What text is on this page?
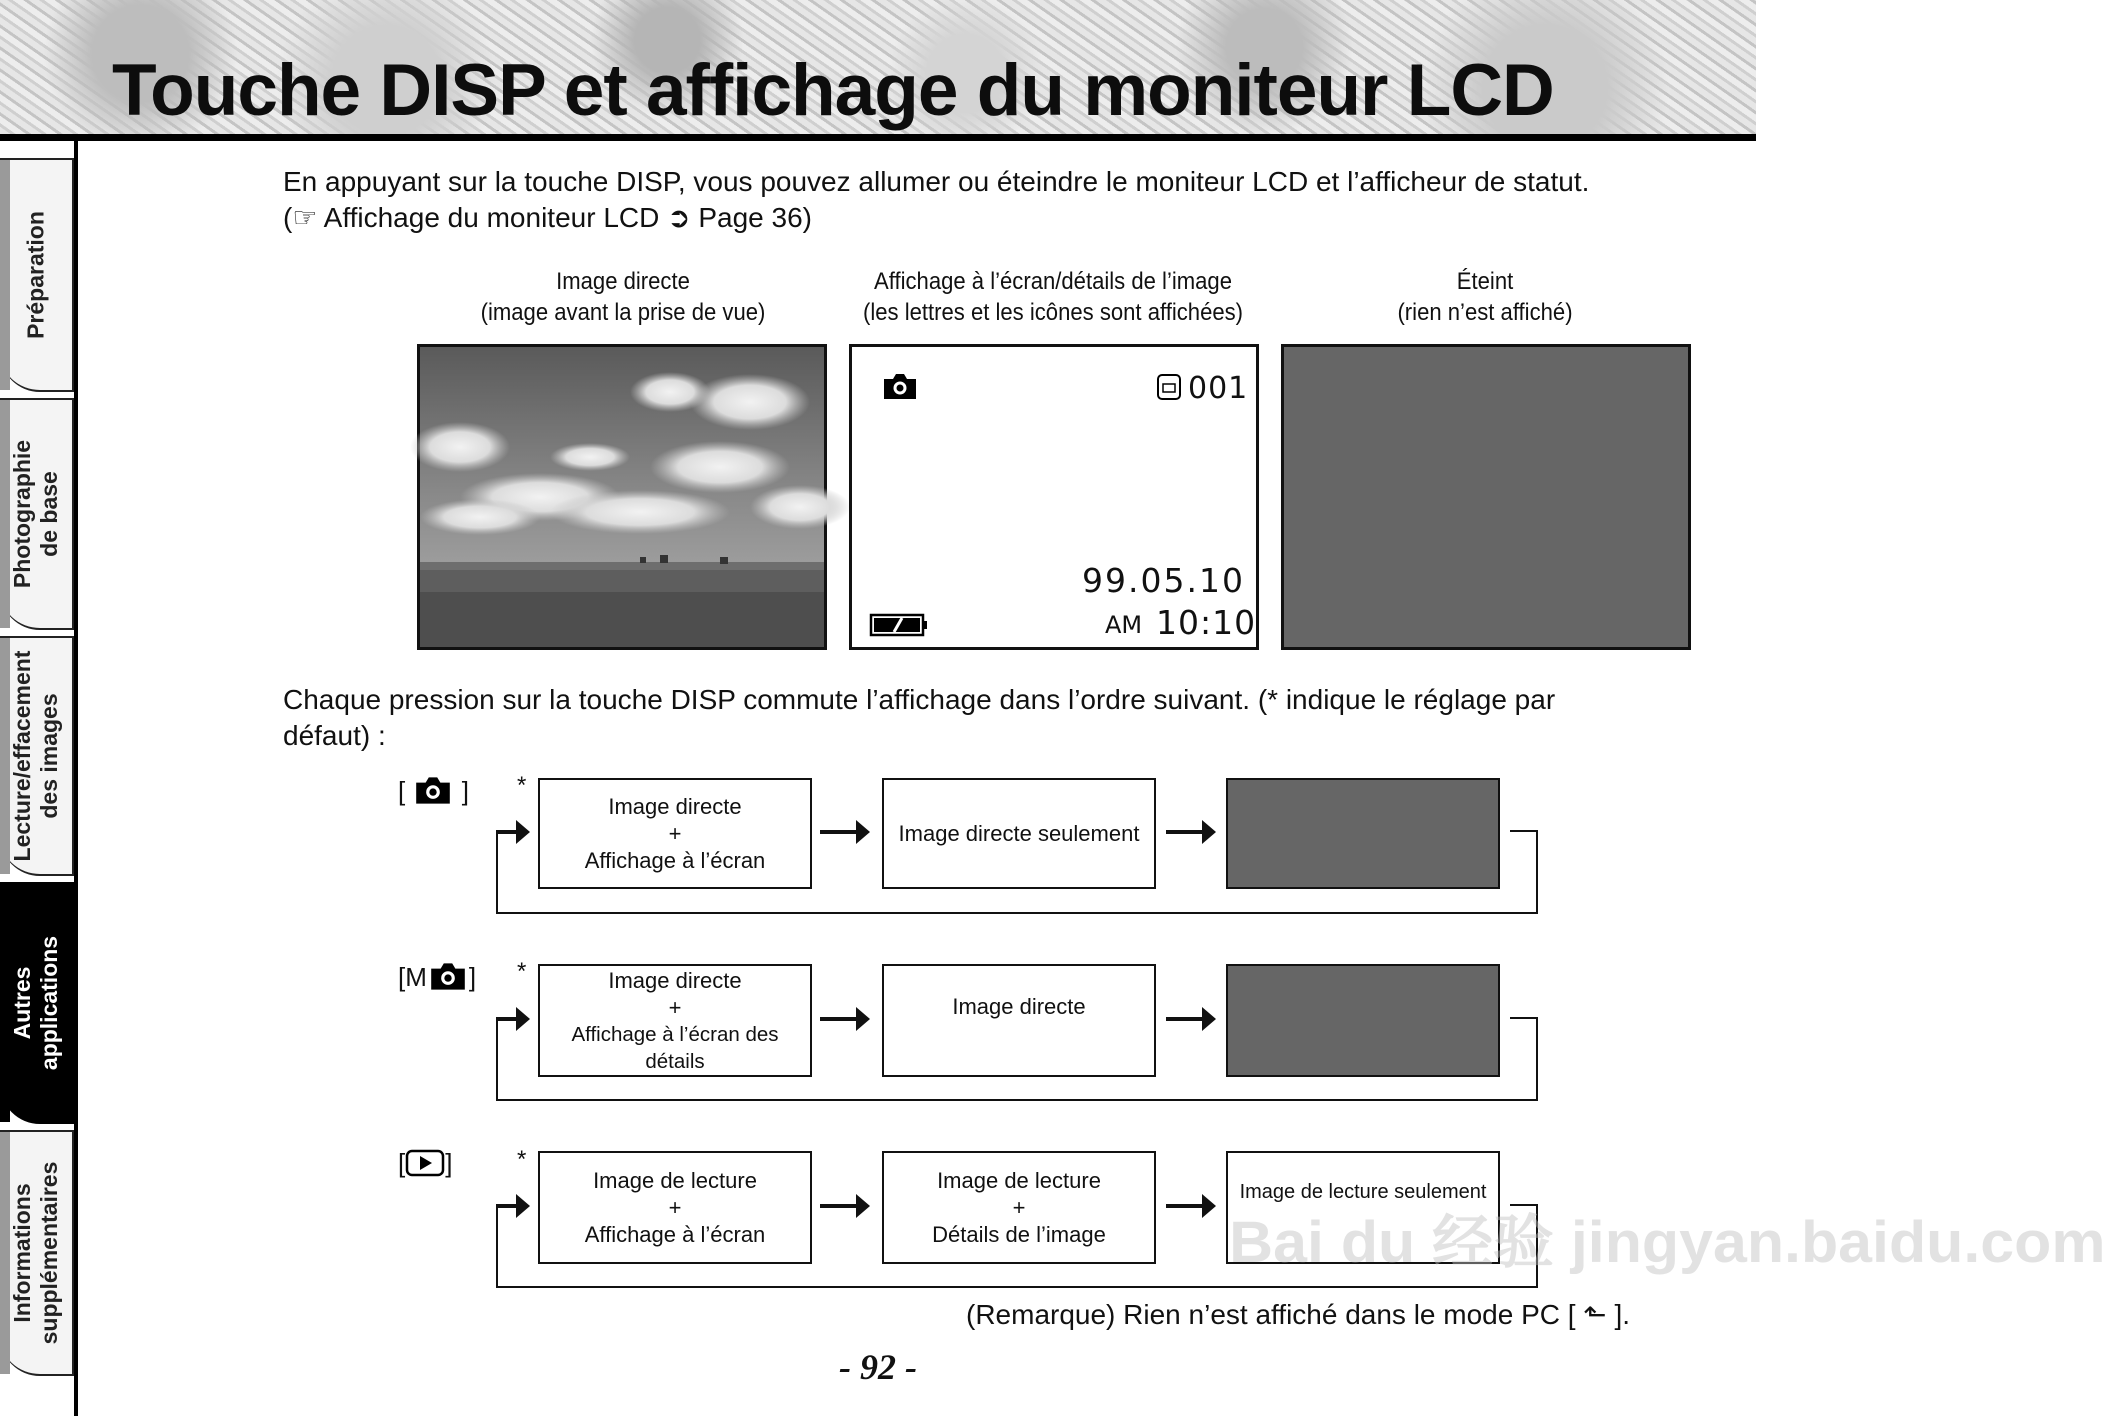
Touche DISP et affichage du moniteur LCD
Préparation
Photographie
de base
Lecture/effacement
des images
Autres
applications
Informations
supplémentaires
En appuyant sur la touche DISP, vous pouvez allumer ou éteindre le moniteur LCD et l’afficheur de statut.
(☞ Affichage du moniteur LCD ➲ Page 36)
Image directe
(image avant la prise de vue)
Affichage à l’écran/détails de l’image
(les lettres et les icônes sont affichées)
Éteint
(rien n’est affiché)
001
99.05.10
AM 10:10
Chaque pression sur la touche DISP commute l’affichage dans l’ordre suivant. (* indique le réglage par
défaut) :
[ ] *
Image directe
+
Affichage à l’écran
Image directe seulement
[M ] *	Image directe
+
Affichage à l’écran des détails
Image directe
[ ]	*
Image de lecture
+
Affichage à l’écran
Image de lecture
+
Détails de l’image
Image de lecture seulement
(Remarque) Rien n’est affiché dans le mode PC [ ⬑ ].
- 92 -
Bai du 经验 jingyan.baidu.com
